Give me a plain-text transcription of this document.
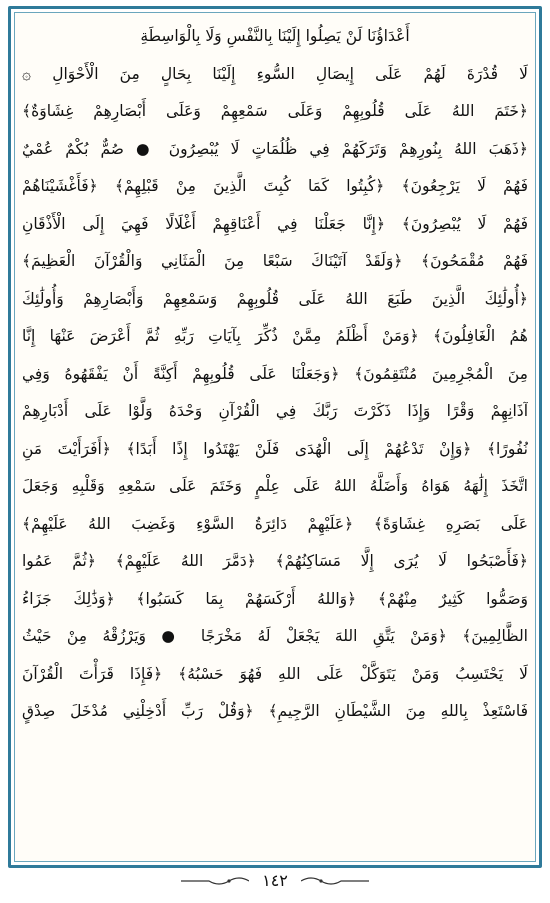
أَعْدَاؤُنَا لَنْ يَصِلُوا إِلَيْنَا بِالنَّفْسِ وَلَا بِالْوَاسِطَةِ
لَا قُدْرَةَ لَهُمْ عَلَى إِيصَالِ السُّوءِ إِلَيْنَا بِحَالٍ مِنَ الْأَحْوَالِ ۞
﴿خَتَمَ اللهُ عَلَى قُلُوبِهِمْ وَعَلَى سَمْعِهِمْ وَعَلَى أَبْصَارِهِمْ غِشَاوَةٌ﴾
﴿ذَهَبَ اللهُ بِنُورِهِمْ وَتَرَكَهُمْ فِي ظُلُمَاتٍ لَا يُبْصِرُونَ ● صُمٌّ بُكْمٌ عُمْيٌ
فَهُمْ لَا يَرْجِعُونَ﴾ ﴿كُبِتُوا كَمَا كُبِتَ الَّذِينَ مِنْ قَبْلِهِمْ﴾ ﴿فَأَغْشَيْنَاهُمْ
فَهُمْ لَا يُبْصِرُونَ﴾ ﴿إِنَّا جَعَلْنَا فِي أَعْنَاقِهِمْ أَغْلَالًا فَهِيَ إِلَى الْأَذْقَانِ
فَهُمْ مُقْمَحُونَ﴾ ﴿وَلَقَدْ آتَيْنَاكَ سَبْعًا مِنَ الْمَثَانِي وَالْقُرْآنَ الْعَظِيمَ﴾
﴿أُولَٰئِكَ الَّذِينَ طَبَعَ اللهُ عَلَى قُلُوبِهِمْ وَسَمْعِهِمْ وَأَبْصَارِهِمْ وَأُولَٰئِكَ
هُمُ الْغَافِلُونَ﴾ ﴿وَمَنْ أَظْلَمُ مِمَّنْ ذُكِّرَ بِآيَاتِ رَبِّهِ ثُمَّ أَعْرَضَ عَنْهَا إِنَّا
مِنَ الْمُجْرِمِينَ مُنْتَقِمُونَ﴾ ﴿وَجَعَلْنَا عَلَى قُلُوبِهِمْ أَكِنَّةً أَنْ يَفْقَهُوهُ وَفِي
آذَانِهِمْ وَقْرًا وَإِذَا ذَكَرْتَ رَبَّكَ فِي الْقُرْآنِ وَحْدَهُ وَلَّوْا عَلَى أَدْبَارِهِمْ
نُفُورًا﴾ ﴿وَإِنْ تَدْعُهُمْ إِلَى الْهُدَى فَلَنْ يَهْتَدُوا إِذًا أَبَدًا﴾ ﴿أَفَرَأَيْتَ مَنِ
اتَّخَذَ إِلَٰهَهُ هَوَاهُ وَأَضَلَّهُ اللهُ عَلَى عِلْمٍ وَخَتَمَ عَلَى سَمْعِهِ وَقَلْبِهِ وَجَعَلَ
عَلَى بَصَرِهِ غِشَاوَةً﴾ ﴿عَلَيْهِمْ دَائِرَةُ السَّوْءِ وَغَضِبَ اللهُ عَلَيْهِمْ﴾
﴿فَأَصْبَحُوا لَا يُرَى إِلَّا مَسَاكِنُهُمْ﴾ ﴿دَمَّرَ اللهُ عَلَيْهِمْ﴾ ﴿ثُمَّ عَمُوا
وَصَمُّوا كَثِيرٌ مِنْهُمْ﴾ ﴿وَاللهُ أَرْكَسَهُمْ بِمَا كَسَبُوا﴾ ﴿وَذَٰلِكَ جَزَاءُ
الظَّالِمِينَ﴾ ﴿وَمَنْ يَتَّقِ اللهَ يَجْعَلْ لَهُ مَخْرَجًا ● وَيَرْزُقْهُ مِنْ حَيْثُ
لَا يَحْتَسِبُ وَمَنْ يَتَوَكَّلْ عَلَى اللهِ فَهُوَ حَسْبُهُ﴾ ﴿فَإِذَا قَرَأْتَ الْقُرْآنَ
فَاسْتَعِذْ بِاللهِ مِنَ الشَّيْطَانِ الرَّجِيمِ﴾ ﴿وَقُلْ رَبِّ أَدْخِلْنِي مُدْخَلَ صِدْقٍ
١٤٢
